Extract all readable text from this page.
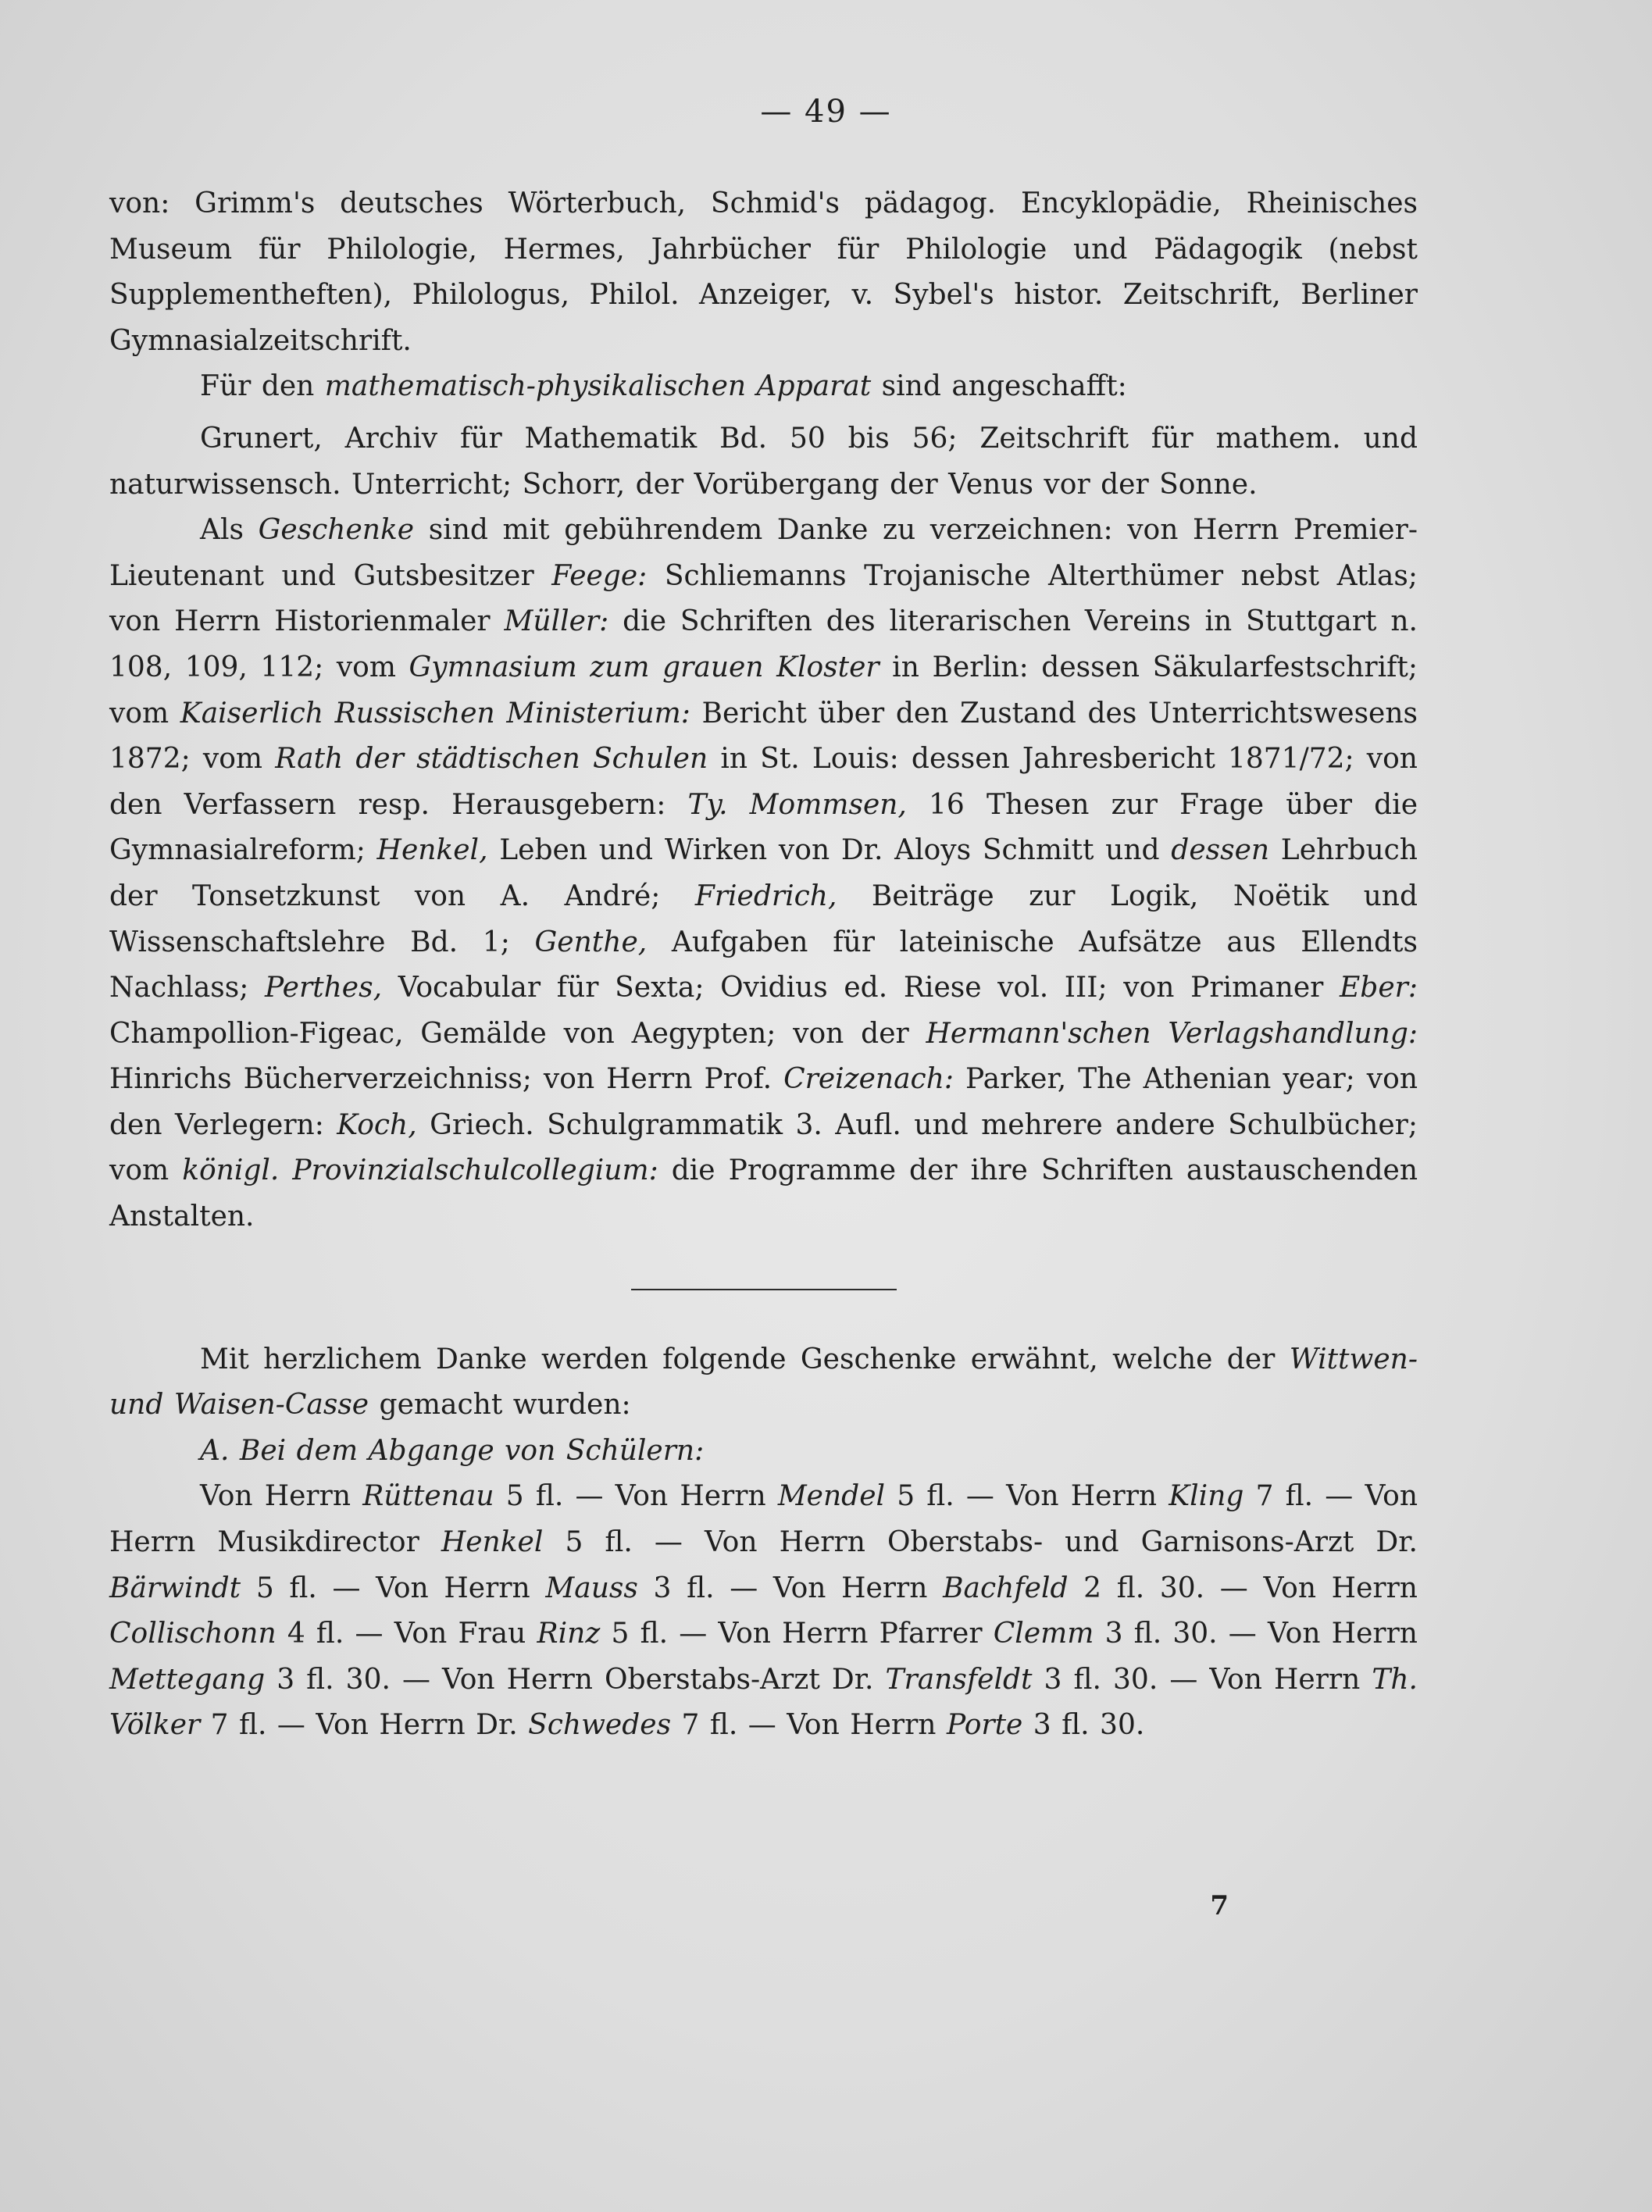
— 49 —

von: Grimm's deutsches Wörterbuch, Schmid's pädagog. Encyklopädie, Rheinisches Museum für Philologie, Hermes, Jahrbücher für Philologie und Pädagogik (nebst Supplementheften), Philologus, Philol. Anzeiger, v. Sybel's histor. Zeitschrift, Berliner Gymnasialzeitschrift.

Für den mathematisch-physikalischen Apparat sind angeschafft:

Grunert, Archiv für Mathematik Bd. 50 bis 56; Zeitschrift für mathem. und naturwissensch. Unterricht; Schorr, der Vorübergang der Venus vor der Sonne.

Als Geschenke sind mit gebührendem Danke zu verzeichnen: von Herrn Premier-Lieutenant und Gutsbesitzer Feege: Schliemanns Trojanische Alterthümer nebst Atlas; von Herrn Historienmaler Müller: die Schriften des literarischen Vereins in Stuttgart n. 108, 109, 112; vom Gymnasium zum grauen Kloster in Berlin: dessen Säkularfestschrift; vom Kaiserlich Russischen Ministerium: Bericht über den Zustand des Unterrichtswesens 1872; vom Rath der städtischen Schulen in St. Louis: dessen Jahresbericht 1871/72; von den Verfassern resp. Herausgebern: Ty. Mommsen, 16 Thesen zur Frage über die Gymnasialreform; Henkel, Leben und Wirken von Dr. Aloys Schmitt und dessen Lehrbuch der Tonsetzkunst von A. André; Friedrich, Beiträge zur Logik, Noëtik und Wissenschaftslehre Bd. 1; Genthe, Aufgaben für lateinische Aufsätze aus Ellendts Nachlass; Perthes, Vocabular für Sexta; Ovidius ed. Riese vol. III; von Primaner Eber: Champollion-Figeac, Gemälde von Aegypten; von der Hermann'schen Verlagshandlung: Hinrichs Bücherverzeichniss; von Herrn Prof. Creizenach: Parker, The Athenian year; von den Verlegern: Koch, Griech. Schulgrammatik 3. Aufl. und mehrere andere Schulbücher; vom königl. Provinzialschulcollegium: die Programme der ihre Schriften austauschenden Anstalten.

Mit herzlichem Danke werden folgende Geschenke erwähnt, welche der Wittwen- und Waisen-Casse gemacht wurden:

A. Bei dem Abgange von Schülern:

Von Herrn Rüttenau 5 fl. — Von Herrn Mendel 5 fl. — Von Herrn Kling 7 fl. — Von Herrn Musikdirector Henkel 5 fl. — Von Herrn Oberstabs- und Garnisons-Arzt Dr. Bärwindt 5 fl. — Von Herrn Mauss 3 fl. — Von Herrn Bachfeld 2 fl. 30. — Von Herrn Collischonn 4 fl. — Von Frau Rinz 5 fl. — Von Herrn Pfarrer Clemm 3 fl. 30. — Von Herrn Mettegang 3 fl. 30. — Von Herrn Oberstabs-Arzt Dr. Transfeldt 3 fl. 30. — Von Herrn Th. Völker 7 fl. — Von Herrn Dr. Schwedes 7 fl. — Von Herrn Porte 3 fl. 30.

7
